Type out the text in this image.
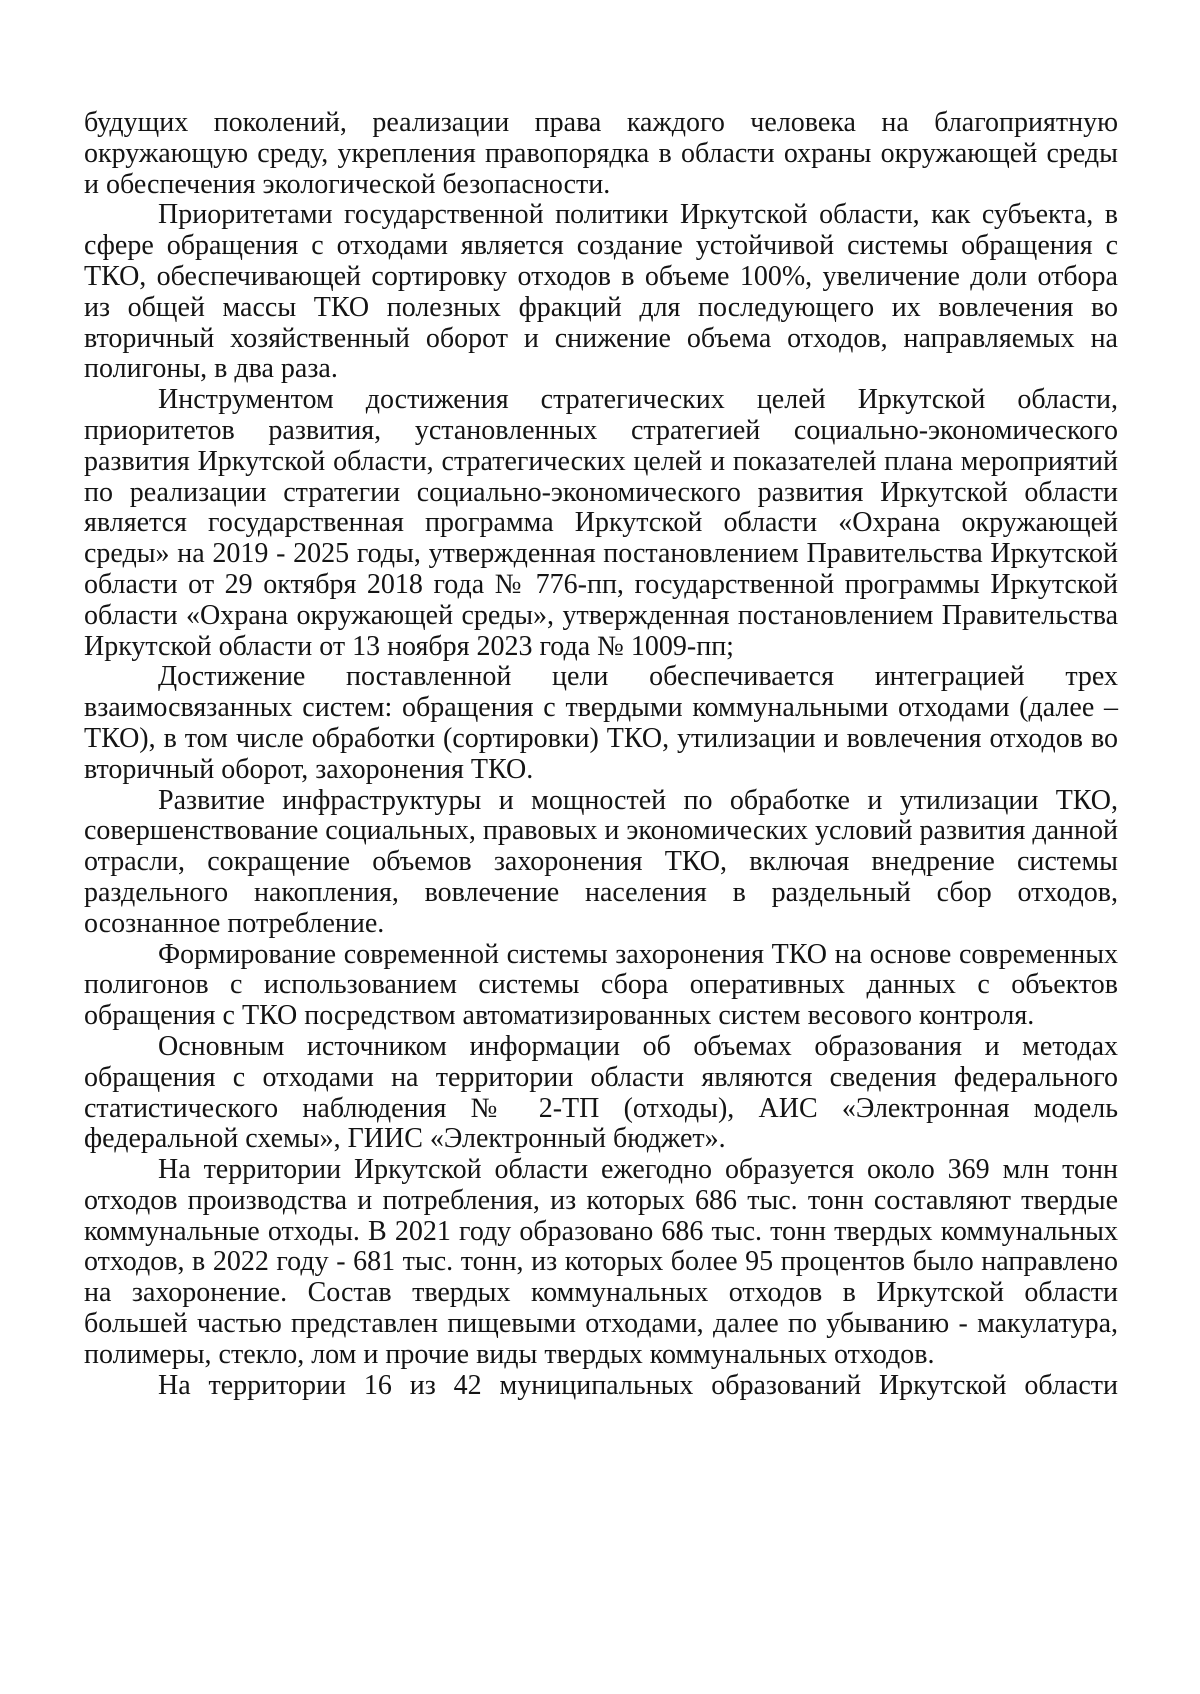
будущих поколений, реализации права каждого человека на благоприятную окружающую среду, укрепления правопорядка в области охраны окружающей среды и обеспечения экологической безопасности.

Приоритетами государственной политики Иркутской области, как субъекта, в сфере обращения с отходами является создание устойчивой системы обращения с ТКО, обеспечивающей сортировку отходов в объеме 100%, увеличение доли отбора из общей массы ТКО полезных фракций для последующего их вовлечения во вторичный хозяйственный оборот и снижение объема отходов, направляемых на полигоны, в два раза.

Инструментом достижения стратегических целей Иркутской области, приоритетов развития, установленных стратегией социально-экономического развития Иркутской области, стратегических целей и показателей плана мероприятий по реализации стратегии социально-экономического развития Иркутской области является государственная программа Иркутской области «Охрана окружающей среды» на 2019 - 2025 годы, утвержденная постановлением Правительства Иркутской области от 29 октября 2018 года № 776-пп, государственной программы Иркутской области «Охрана окружающей среды», утвержденная постановлением Правительства Иркутской области от 13 ноября 2023 года № 1009-пп;

Достижение поставленной цели обеспечивается интеграцией трех взаимосвязанных систем: обращения с твердыми коммунальными отходами (далее – ТКО), в том числе обработки (сортировки) ТКО, утилизации и вовлечения отходов во вторичный оборот, захоронения ТКО.

Развитие инфраструктуры и мощностей по обработке и утилизации ТКО, совершенствование социальных, правовых и экономических условий развития данной отрасли, сокращение объемов захоронения ТКО, включая внедрение системы раздельного накопления, вовлечение населения в раздельный сбор отходов, осознанное потребление.

Формирование современной системы захоронения ТКО на основе современных полигонов с использованием системы сбора оперативных данных с объектов обращения с ТКО посредством автоматизированных систем весового контроля.

Основным источником информации об объемах образования и методах обращения с отходами на территории области являются сведения федерального статистического наблюдения № 2-ТП (отходы), АИС «Электронная модель федеральной схемы», ГИИС «Электронный бюджет».

На территории Иркутской области ежегодно образуется около 369 млн тонн отходов производства и потребления, из которых 686 тыс. тонн составляют твердые коммунальные отходы. В 2021 году образовано 686 тыс. тонн твердых коммунальных отходов, в 2022 году - 681 тыс. тонн, из которых более 95 процентов было направлено на захоронение. Состав твердых коммунальных отходов в Иркутской области большей частью представлен пищевыми отходами, далее по убыванию - макулатура, полимеры, стекло, лом и прочие виды твердых коммунальных отходов.

На территории 16 из 42 муниципальных образований Иркутской области
